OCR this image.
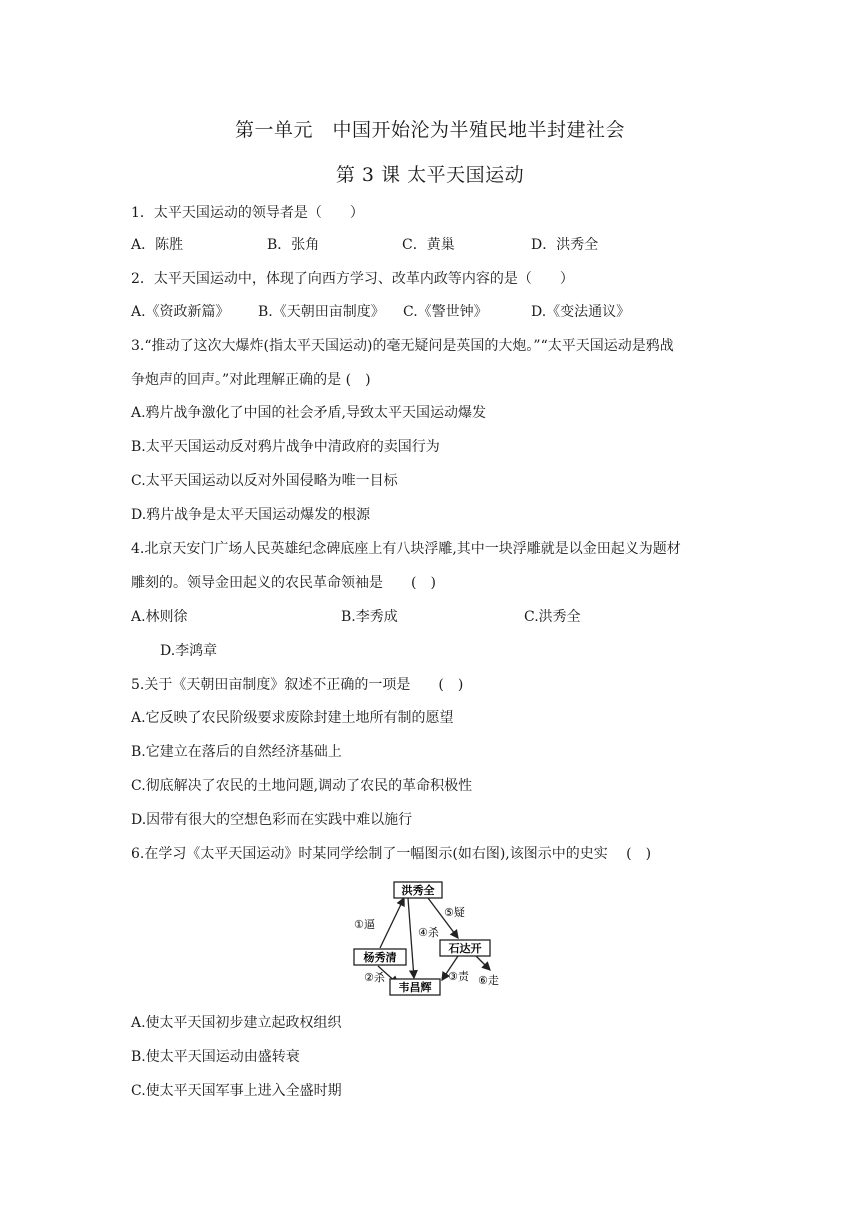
第一单元　中国开始沦为半殖民地半封建社会
第 3 课 太平天国运动
1．太平天国运动的领导者是（　　）
A．陈胜	B．张角	C．黄巢	D．洪秀全
2．太平天国运动中，体现了向西方学习、改革内政等内容的是（　　）
A.《资政新篇》 B.《天朝田亩制度》 C.《警世钟》	D.《变法通议》
3.“推动了这次大爆炸(指太平天国运动)的毫无疑问是英国的大炮。”“太平天国运动是鸦战
争炮声的回声。”对此理解正确的是 (　)
A.鸦片战争激化了中国的社会矛盾,导致太平天国运动爆发
B.太平天国运动反对鸦片战争中清政府的卖国行为
C.太平天国运动以反对外国侵略为唯一目标
D.鸦片战争是太平天国运动爆发的根源
4.北京天安门广场人民英雄纪念碑底座上有八块浮雕,其中一块浮雕就是以金田起义为题材
雕刻的。领导金田起义的农民革命领袖是　　(　)
A.林则徐	B.李秀成	C.洪秀全
D.李鸿章
5.关于《天朝田亩制度》叙述不正确的一项是　　(　)
A.它反映了农民阶级要求废除封建土地所有制的愿望
B.它建立在落后的自然经济基础上
C.彻底解决了农民的土地问题,调动了农民的革命积极性
D.因带有很大的空想色彩而在实践中难以施行
6.在学习《太平天国运动》时某同学绘制了一幅图示(如右图),该图示中的史实　 (　)
洪秀全
杨秀清
石达开
韦昌辉
①逼
②杀	③责
④杀
⑤疑
⑥走
A.使太平天国初步建立起政权组织
B.使太平天国运动由盛转衰
C.使太平天国军事上进入全盛时期
